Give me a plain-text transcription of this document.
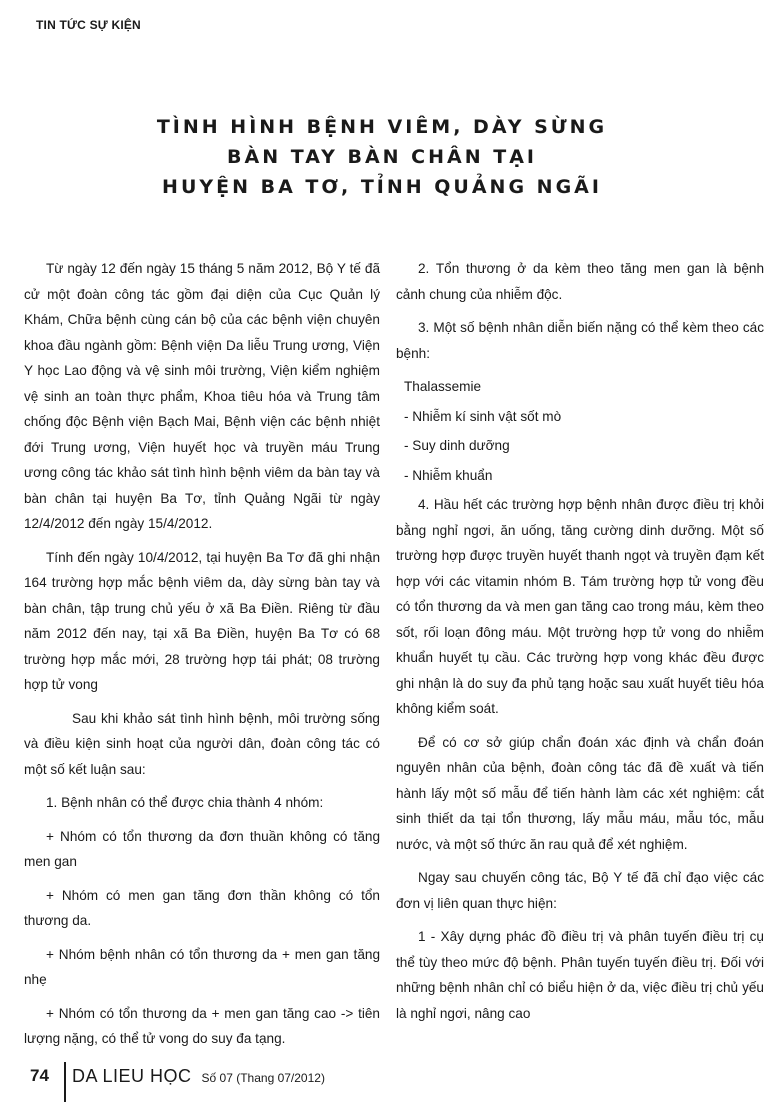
TIN TỨC SỰ KIỆN
TÌNH HÌNH BỆNH VIÊM, DÀY SỪNG
BÀN TAY BÀN CHÂN TẠI
HUYỆN BA TƠ, TỈNH QUẢNG NGÃI

Từ ngày 12 đến ngày 15 tháng 5 năm 2012, Bộ Y tế đã cử một đoàn công tác gồm đại diện của Cục Quản lý Khám, Chữa bệnh cùng cán bộ của các bệnh viện chuyên khoa đầu ngành gồm: Bệnh viện Da liễu Trung ương, Viện Y học Lao động và vệ sinh môi trường, Viện kiểm nghiệm vệ sinh an toàn thực phẩm, Khoa tiêu hóa và Trung tâm chống độc Bệnh viện Bạch Mai, Bệnh viện các bệnh nhiệt đới Trung ương, Viện huyết học và truyền máu Trung ương công tác khảo sát tình hình bệnh viêm da bàn tay và bàn chân tại huyện Ba Tơ, tỉnh Quảng Ngãi từ ngày 12/4/2012 đến ngày 15/4/2012.

Tính đến ngày 10/4/2012, tại huyện Ba Tơ đã ghi nhận 164 trường hợp mắc bệnh viêm da, dày sừng bàn tay và bàn chân, tập trung chủ yếu ở xã Ba Điền. Riêng từ đầu năm 2012 đến nay, tại xã Ba Điền, huyện Ba Tơ có 68 trường hợp mắc mới, 28 trường hợp tái phát; 08 trường hợp tử vong

Sau khi khảo sát tình hình bệnh, môi trường sống và điều kiện sinh hoạt của người dân, đoàn công tác có một số kết luận sau:

1. Bệnh nhân có thể được chia thành 4 nhóm:

+ Nhóm có tổn thương da đơn thuần không có tăng men gan

+ Nhóm có men gan tăng đơn thần không có tổn thương da.

+ Nhóm bệnh nhân có tổn thương da + men gan tăng nhẹ

+ Nhóm có tổn thương da + men gan tăng cao -> tiên lượng nặng, có thể tử vong do suy đa tạng.

2. Tổn thương ở da kèm theo tăng men gan là bệnh cảnh chung của nhiễm độc.

3. Một số bệnh nhân diễn biến nặng có thể kèm theo các bệnh:

Thalassemie

- Nhiễm kí sinh vật sốt mò

- Suy dinh dưỡng

- Nhiễm khuẩn

4. Hầu hết các trường hợp bệnh nhân được điều trị khỏi bằng nghỉ ngơi, ăn uống, tăng cường dinh dưỡng. Một số trường hợp được truyền huyết thanh ngọt và truyền đạm kết hợp với các vitamin nhóm B. Tám trường hợp tử vong đều có tổn thương da và men gan tăng cao trong máu, kèm theo sốt, rối loạn đông máu. Một trường hợp tử vong do nhiễm khuẩn huyết tụ cầu. Các trường hợp vong khác đều được ghi nhận là do suy đa phủ tạng hoặc sau xuất huyết tiêu hóa không kiểm soát.

Để có cơ sở giúp chẩn đoán xác định và chẩn đoán nguyên nhân của bệnh, đoàn công tác đã đề xuất và tiến hành lấy một số mẫu để tiến hành làm các xét nghiệm: cắt sinh thiết da tại tổn thương, lấy mẫu máu, mẫu tóc, mẫu nước, và một số thức ăn rau quả để xét nghiệm.

Ngay sau chuyến công tác, Bộ Y tế đã chỉ đạo việc các đơn vị liên quan thực hiện:

1 - Xây dựng phác đồ điều trị và phân tuyến điều trị cụ thể tùy theo mức độ bệnh. Phân tuyến tuyến điều trị. Đối với những bệnh nhân chỉ có biểu hiện ở da, việc điều trị chủ yếu là nghỉ ngơi, nâng cao

74	DA LIEU HỌC Số 07 (Thang 07/2012)
